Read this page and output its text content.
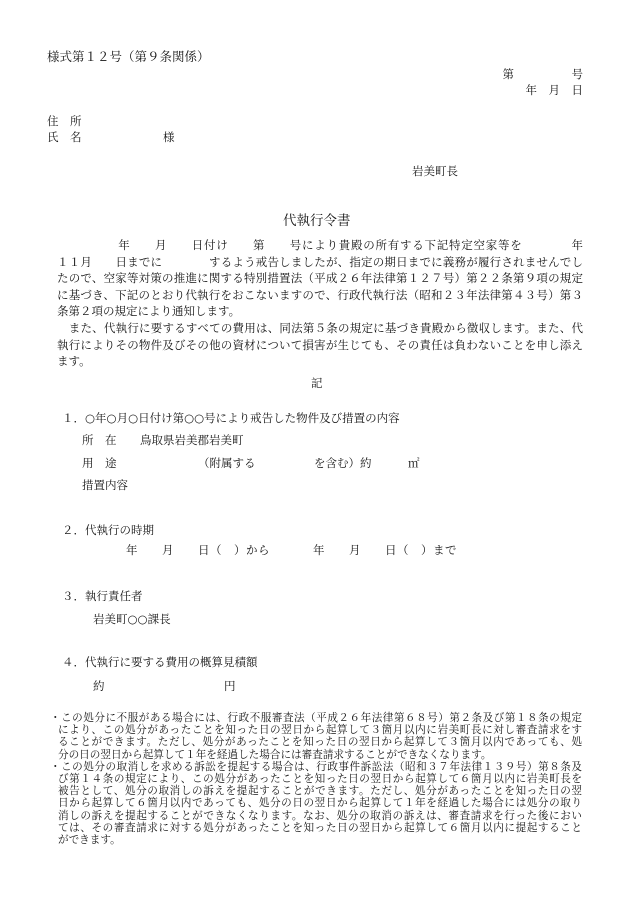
様式第１２号（第９条関係）
第　　　　　号
年　月　日
住　所
氏　名	様
岩美町長
代執行令書
　　　　　年　　月　　日付け　　第　　号により貴殿の所有する下記特定空家等を　　　　年
１１月　　日までに　　　　するよう戒告しましたが、指定の期日までに義務が履行されませんでし
たので、空家等対策の推進に関する特別措置法（平成２６年法律第１２７号）第２２条第９項の規定
に基づき、下記のとおり代執行をおこないますので、行政代執行法（昭和２３年法律第４３号）第３
条第２項の規定により通知します。
　また、代執行に要するすべての費用は、同法第５条の規定に基づき貴殿から徴収します。また、代
執行によりその物件及びその他の資材について損害が生じても、その責任は負わないことを申し添え
ます。
記
１．○年○月○日付け第○○号により戒告した物件及び措置の内容
所　在 鳥取県岩美郡岩美町
用　途	（附属する	を含む）約	㎡
措置内容
２．代執行の時期
年　　月　　日（　）から	年　　月　　日（　）まで
３．執行責任者
岩美町○○課長
４．代執行に要する費用の概算見積額
約	円
・この処分に不服がある場合には、行政不服審査法（平成２６年法律第６８号）第２条及び第１８条の規定
により、この処分があったことを知った日の翌日から起算して３箇月以内に岩美町長に対し審査請求をす
ることができます。ただし、処分があったことを知った日の翌日から起算して３箇月以内であっても、処
分の日の翌日から起算して１年を経過した場合には審査請求することができなくなります。
・この処分の取消しを求める訴訟を提起する場合は、行政事件訴訟法（昭和３７年法律１３９号）第８条及
び第１４条の規定により、この処分があったことを知った日の翌日から起算して６箇月以内に岩美町長を
被告として、処分の取消しの訴えを提起することができます。ただし、処分があったことを知った日の翌
日から起算して６箇月以内であっても、処分の日の翌日から起算して１年を経過した場合には処分の取り
消しの訴えを提起することができなくなります。なお、処分の取消の訴えは、審査請求を行った後におい
ては、その審査請求に対する処分があったことを知った日の翌日から起算して６箇月以内に提起すること
ができます。
